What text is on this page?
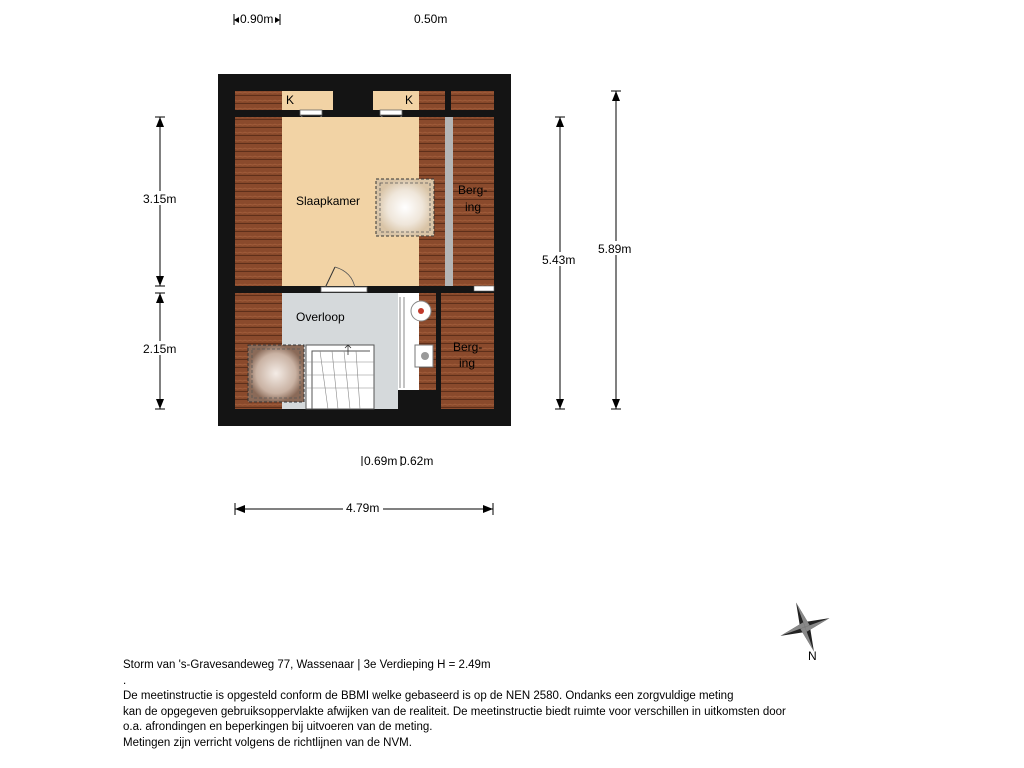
0.90m	0.50m
K	K
Slaapkamer
Overloop
Berg-
ing
Berg-
ing
3.15m
2.15m
5.43m
5.89m
0.69m 0.62m
4.79m
N
Storm van 's-Gravesandeweg 77, Wassenaar | 3e Verdieping H = 2.49m
.
De meetinstructie is opgesteld conform de BBMI welke gebaseerd is op de NEN 2580. Ondanks een zorgvuldige meting
kan de opgegeven gebruiksoppervlakte afwijken van de realiteit. De meetinstructie biedt ruimte voor verschillen in uitkomsten door
o.a. afrondingen en beperkingen bij uitvoeren van de meting.
Metingen zijn verricht volgens de richtlijnen van de NVM.
